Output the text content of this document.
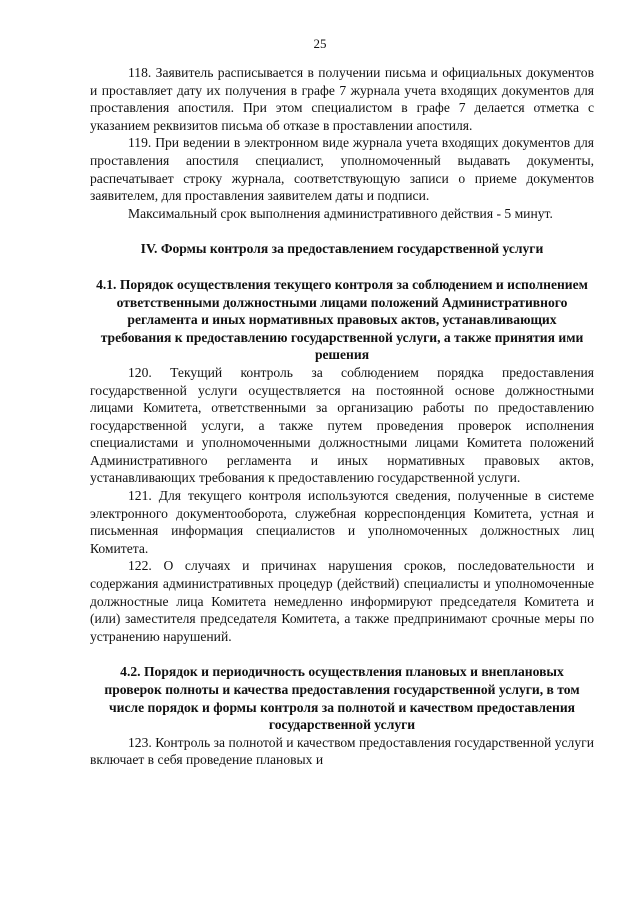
25

118. Заявитель расписывается в получении письма и официальных документов и проставляет дату их получения в графе 7 журнала учета входящих документов для проставления апостиля. При этом специалистом в графе 7 делается отметка с указанием реквизитов письма об отказе в проставлении апостиля.

119. При ведении в электронном виде журнала учета входящих документов для проставления апостиля специалист, уполномоченный выдавать документы, распечатывает строку журнала, соответствующую записи о приеме документов заявителем, для проставления заявителем даты и подписи.

Максимальный срок выполнения административного действия - 5 минут.

IV. Формы контроля за предоставлением государственной услуги

4.1. Порядок осуществления текущего контроля за соблюдением и исполнением ответственными должностными лицами положений Административного регламента и иных нормативных правовых актов, устанавливающих требования к предоставлению государственной услуги, а также принятия ими решения

120. Текущий контроль за соблюдением порядка предоставления государственной услуги осуществляется на постоянной основе должностными лицами Комитета, ответственными за организацию работы по предоставлению государственной услуги, а также путем проведения проверок исполнения специалистами и уполномоченными должностными лицами Комитета положений Административного регламента и иных нормативных правовых актов, устанавливающих требования к предоставлению государственной услуги.

121. Для текущего контроля используются сведения, полученные в системе электронного документооборота, служебная корреспонденция Комитета, устная и письменная информация специалистов и уполномоченных должностных лиц Комитета.

122. О случаях и причинах нарушения сроков, последовательности и содержания административных процедур (действий) специалисты и уполномоченные должностные лица Комитета немедленно информируют председателя Комитета и (или) заместителя председателя Комитета, а также предпринимают срочные меры по устранению нарушений.

4.2. Порядок и периодичность осуществления плановых и внеплановых проверок полноты и качества предоставления государственной услуги, в том числе порядок и формы контроля за полнотой и качеством предоставления государственной услуги

123. Контроль за полнотой и качеством предоставления государственной услуги включает в себя проведение плановых и
